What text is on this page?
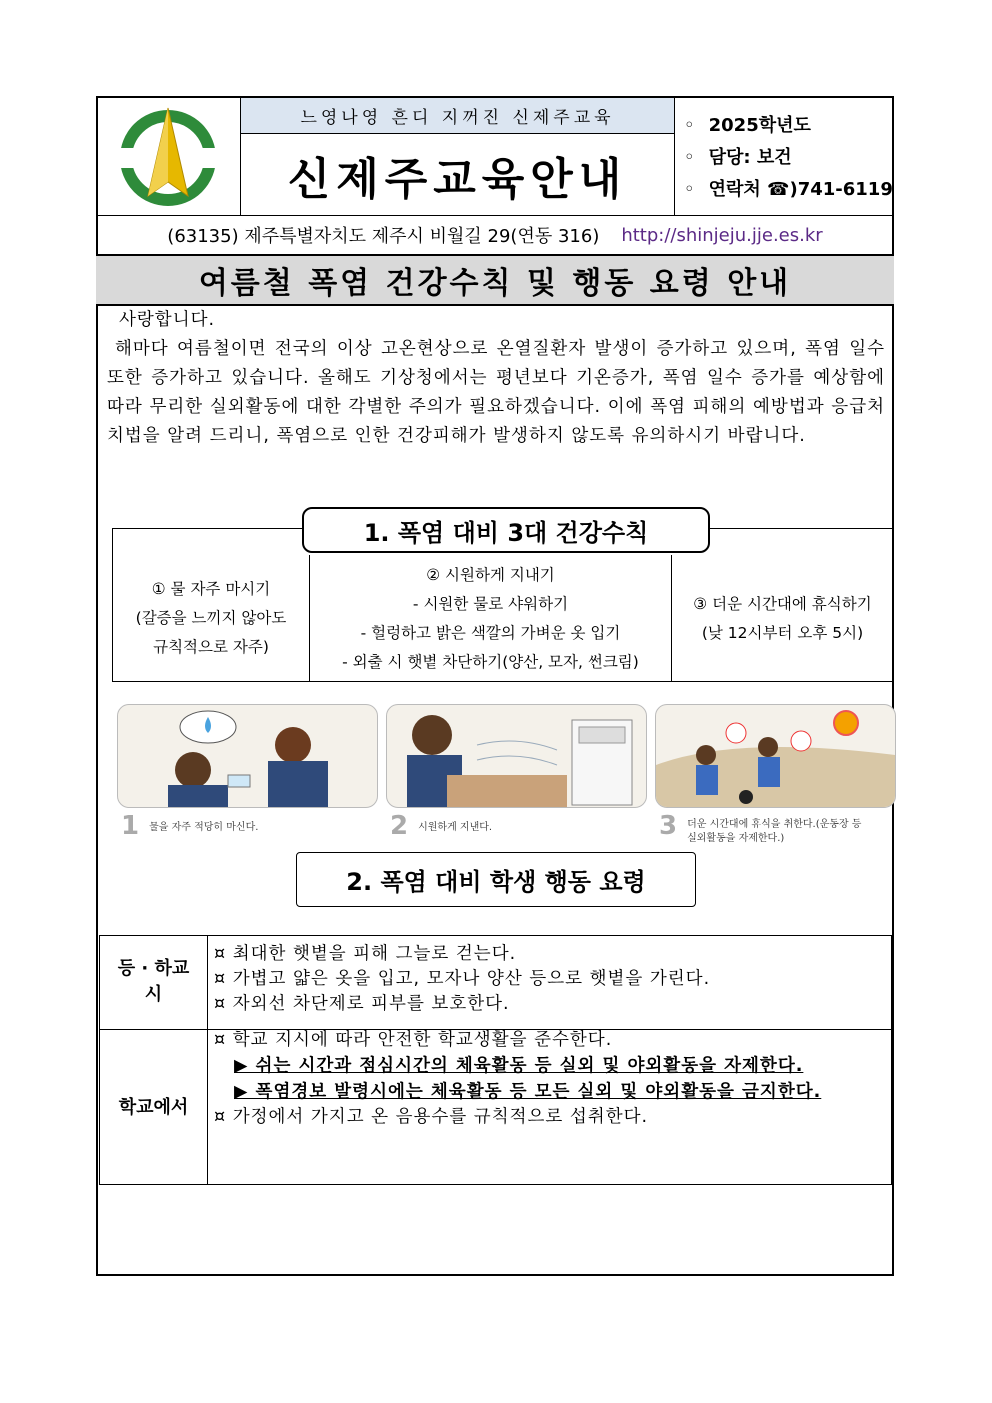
느영나영 흔디 지꺼진 신제주교육
신제주교육안내
◦ 2025학년도
◦ 담당: 보건
◦ 연락처 ☎)741-6119
(63135) 제주특별자치도 제주시 비월길 29(연동 316) http://shinjeju.jje.es.kr
여름철 폭염 건강수칙 및 행동 요령 안내
사랑합니다.
해마다 여름철이면 전국의 이상 고온현상으로 온열질환자 발생이 증가하고 있으며, 폭염 일수 또한 증가하고 있습니다. 올해도 기상청에서는 평년보다 기온증가, 폭염 일수 증가를 예상함에 따라 무리한 실외활동에 대한 각별한 주의가 필요하겠습니다. 이에 폭염 피해의 예방법과 응급처치법을 알려 드리니, 폭염으로 인한 건강피해가 발생하지 않도록 유의하시기 바랍니다.
1. 폭염 대비 3대 건강수칙
① 물 자주 마시기
(갈증을 느끼지 않아도
규칙적으로 자주)
② 시원하게 지내기
- 시원한 물로 샤워하기
- 헐렁하고 밝은 색깔의 가벼운 옷 입기
- 외출 시 햇볕 차단하기(양산, 모자, 썬크림)
③ 더운 시간대에 휴식하기
(낮 12시부터 오후 5시)
1 물을 자주 적당히 마신다.	2 시원하게 지낸다.	3 더운 시간대에 휴식을 취한다.(운동장 등
실외활동을 자제한다.)
2. 폭염 대비 학생 행동 요령
등 · 하교
시
¤ 최대한 햇볕을 피해 그늘로 걷는다.
¤ 가볍고 얇은 옷을 입고, 모자나 양산 등으로 햇볕을 가린다.
¤ 자외선 차단제로 피부를 보호한다.
학교에서
¤ 학교 지시에 따라 안전한 학교생활을 준수한다.
▶ 쉬는 시간과 점심시간의 체육활동 등 실외 및 야외활동을 자제한다.
▶ 폭염경보 발령시에는 체육활동 등 모든 실외 및 야외활동을 금지한다.
¤ 가정에서 가지고 온 음용수를 규칙적으로 섭취한다.
